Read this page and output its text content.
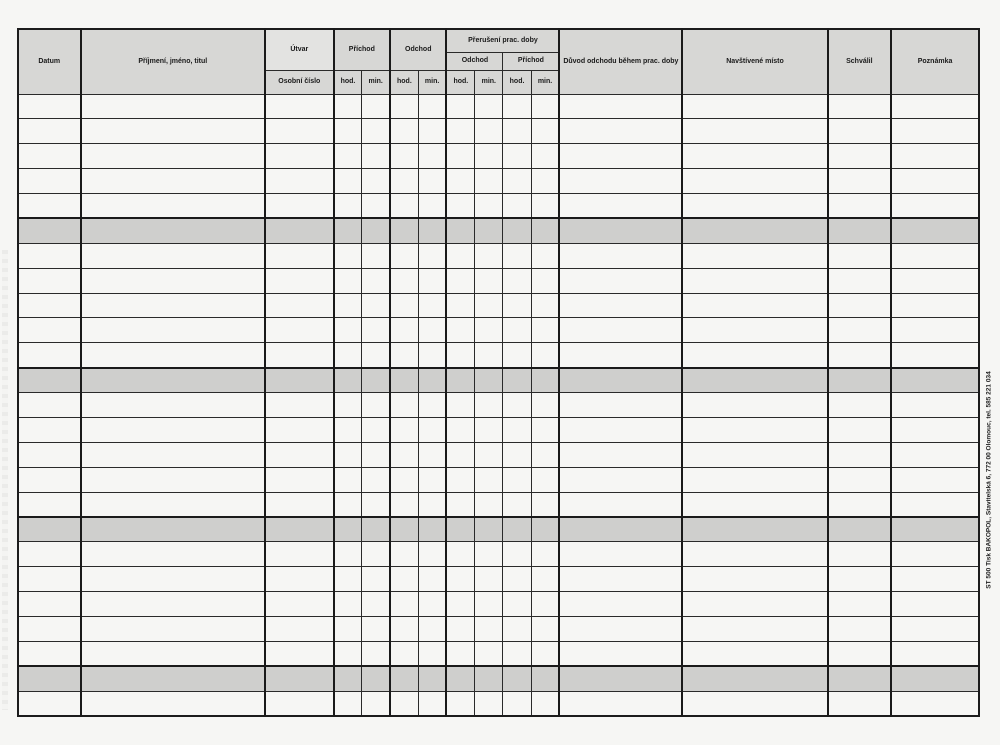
Datum	Příjmení, jméno, titul	Útvar	Příchod		Odchod		Přerušení prac. doby				Důvod odchodu během prac. doby	Navštívené místo	Schválil	Poznámka
							Odchod		Příchod					
		Osobní číslo	hod.	min.	hod.	min.	hod.	min.	hod.	min.				

ST 500 Tisk BAKOPOL, Stavitelská 6, 772 00 Olomouc, tel. 585 221 034
